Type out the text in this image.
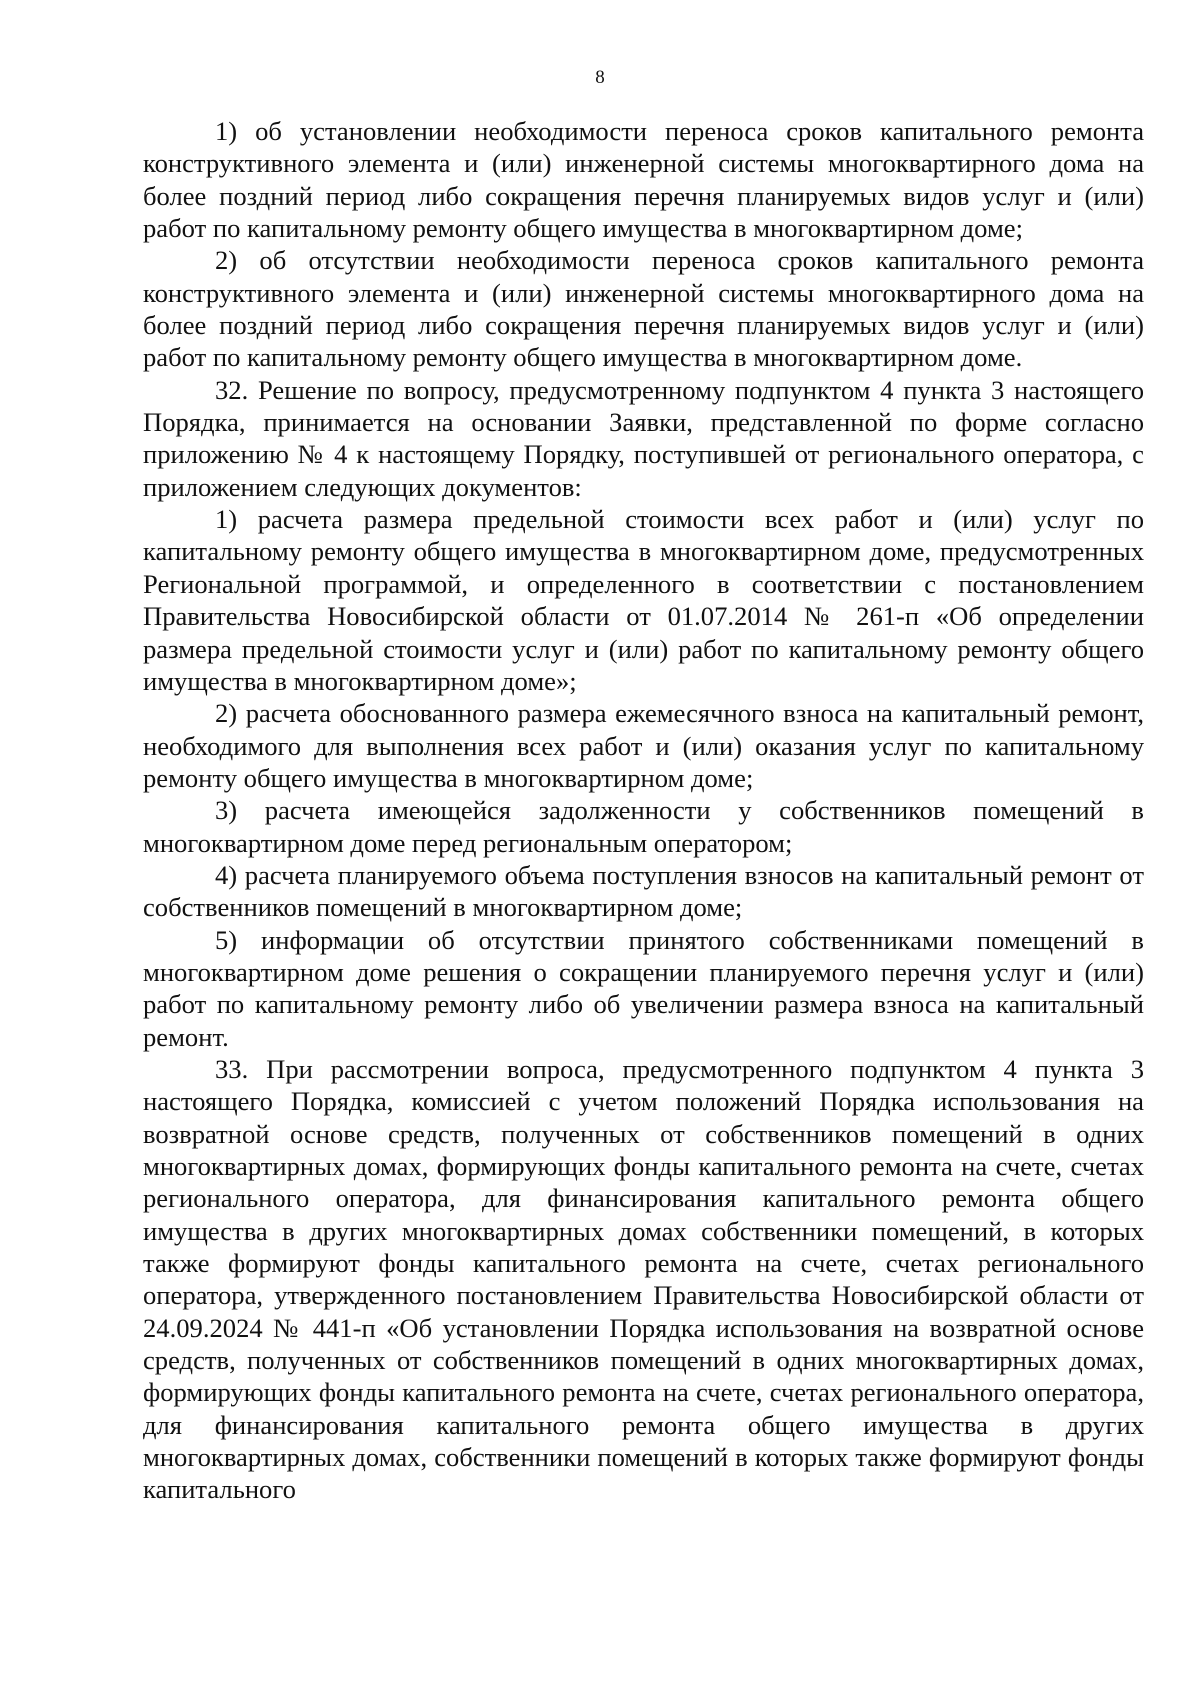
8

1) об установлении необходимости переноса сроков капитального ремонта конструктивного элемента и (или) инженерной системы многоквартирного дома на более поздний период либо сокращения перечня планируемых видов услуг и (или) работ по капитальному ремонту общего имущества в многоквартирном доме;

2) об отсутствии необходимости переноса сроков капитального ремонта конструктивного элемента и (или) инженерной системы многоквартирного дома на более поздний период либо сокращения перечня планируемых видов услуг и (или) работ по капитальному ремонту общего имущества в многоквартирном доме.

32. Решение по вопросу, предусмотренному подпунктом 4 пункта 3 настоящего Порядка, принимается на основании Заявки, представленной по форме согласно приложению № 4 к настоящему Порядку, поступившей от регионального оператора, с приложением следующих документов:

1) расчета размера предельной стоимости всех работ и (или) услуг по капитальному ремонту общего имущества в многоквартирном доме, предусмотренных Региональной программой, и определенного в соответствии с постановлением Правительства Новосибирской области от 01.07.2014 № 261-п «Об определении размера предельной стоимости услуг и (или) работ по капитальному ремонту общего имущества в многоквартирном доме»;

2) расчета обоснованного размера ежемесячного взноса на капитальный ремонт, необходимого для выполнения всех работ и (или) оказания услуг по капитальному ремонту общего имущества в многоквартирном доме;

3) расчета имеющейся задолженности у собственников помещений в многоквартирном доме перед региональным оператором;

4) расчета планируемого объема поступления взносов на капитальный ремонт от собственников помещений в многоквартирном доме;

5) информации об отсутствии принятого собственниками помещений в многоквартирном доме решения о сокращении планируемого перечня услуг и (или) работ по капитальному ремонту либо об увеличении размера взноса на капитальный ремонт.

33. При рассмотрении вопроса, предусмотренного подпунктом 4 пункта 3 настоящего Порядка, комиссией с учетом положений Порядка использования на возвратной основе средств, полученных от собственников помещений в одних многоквартирных домах, формирующих фонды капитального ремонта на счете, счетах регионального оператора, для финансирования капитального ремонта общего имущества в других многоквартирных домах собственники помещений, в которых также формируют фонды капитального ремонта на счете, счетах регионального оператора, утвержденного постановлением Правительства Новосибирской области от 24.09.2024 № 441-п «Об установлении Порядка использования на возвратной основе средств, полученных от собственников помещений в одних многоквартирных домах, формирующих фонды капитального ремонта на счете, счетах регионального оператора, для финансирования капитального ремонта общего имущества в других многоквартирных домах, собственники помещений в которых также формируют фонды капитального
